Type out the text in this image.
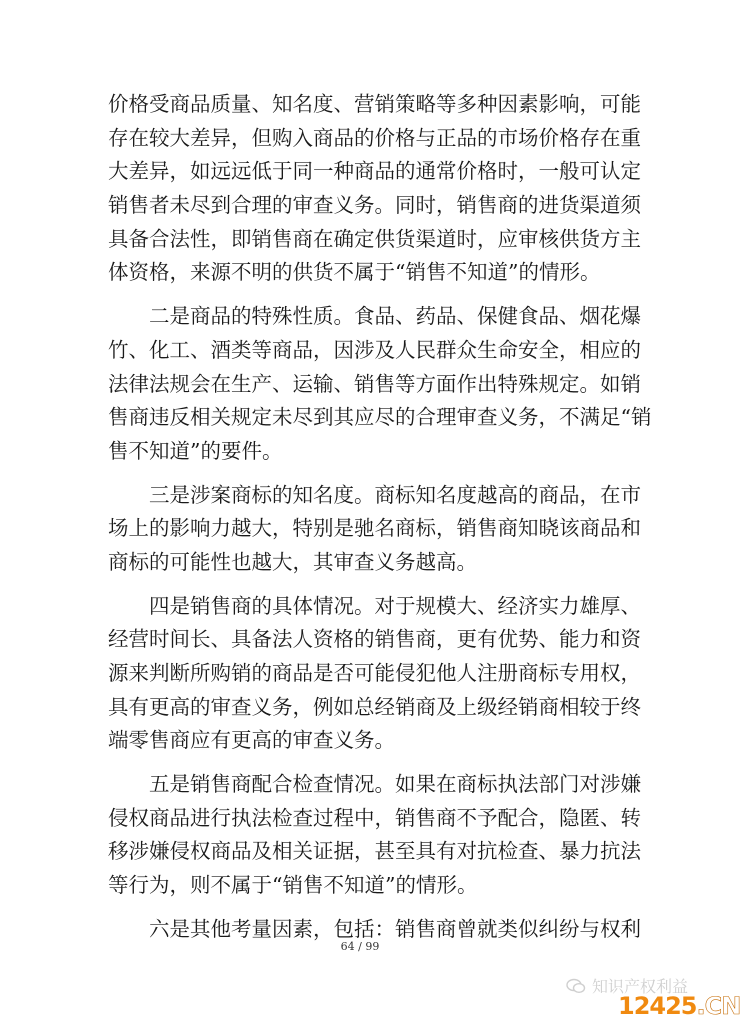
价格受商品质量、知名度、营销策略等多种因素影响，可能
存在较大差异，但购入商品的价格与正品的市场价格存在重
大差异，如远远低于同一种商品的通常价格时，一般可认定
销售者未尽到合理的审查义务。同时，销售商的进货渠道须
具备合法性，即销售商在确定供货渠道时，应审核供货方主
体资格，来源不明的供货不属于“销售不知道”的情形。
二是商品的特殊性质。食品、药品、保健食品、烟花爆
竹、化工、酒类等商品，因涉及人民群众生命安全，相应的
法律法规会在生产、运输、销售等方面作出特殊规定。如销
售商违反相关规定未尽到其应尽的合理审查义务，不满足“销
售不知道”的要件。
三是涉案商标的知名度。商标知名度越高的商品，在市
场上的影响力越大，特别是驰名商标，销售商知晓该商品和
商标的可能性也越大，其审查义务越高。
四是销售商的具体情况。对于规模大、经济实力雄厚、
经营时间长、具备法人资格的销售商，更有优势、能力和资
源来判断所购销的商品是否可能侵犯他人注册商标专用权，
具有更高的审查义务，例如总经销商及上级经销商相较于终
端零售商应有更高的审查义务。
五是销售商配合检查情况。如果在商标执法部门对涉嫌
侵权商品进行执法检查过程中，销售商不予配合，隐匿、转
移涉嫌侵权商品及相关证据，甚至具有对抗检查、暴力抗法
等行为，则不属于“销售不知道”的情形。
六是其他考量因素，包括：销售商曾就类似纠纷与权利
64 / 99
知识产权利益
12425.CN
